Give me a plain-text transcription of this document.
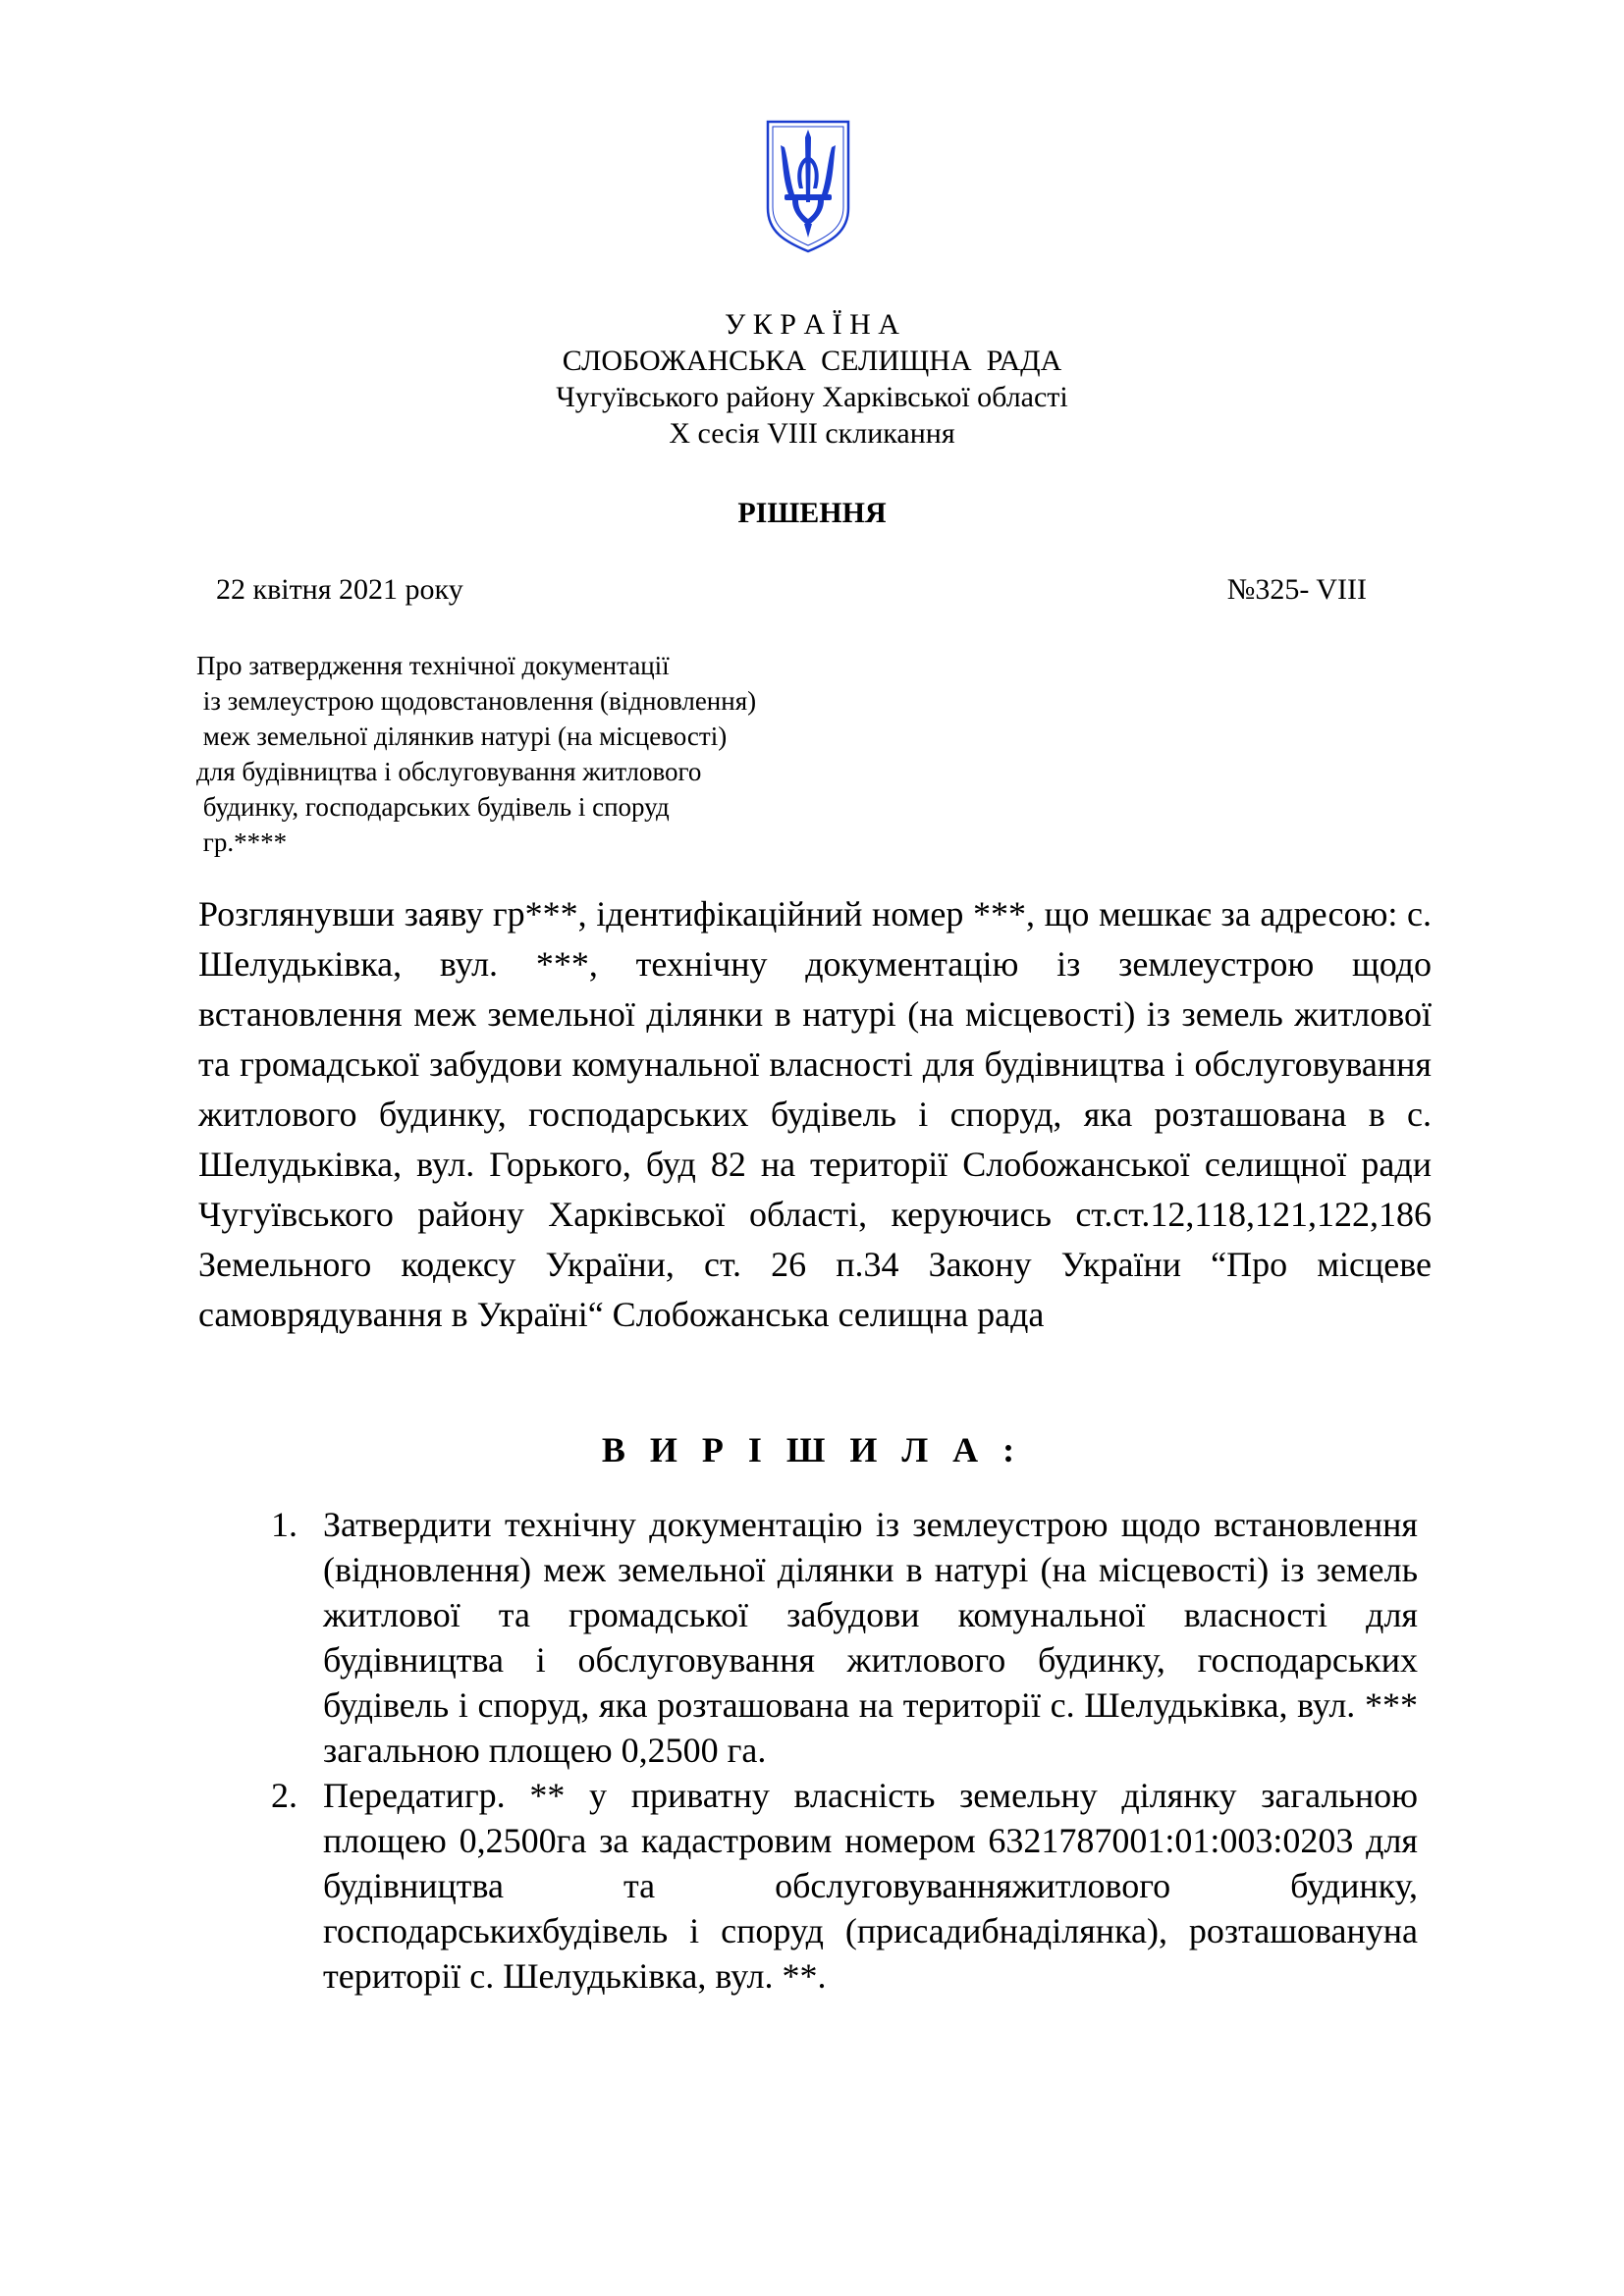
У К Р А Ї Н А
СЛОБОЖАНСЬКА  СЕЛИЩНА  РАДА
Чугуївського району Харківської області
X сесія VIII скликання
РІШЕННЯ
22 квітня 2021 року	№325- VIII
Про затвердження технічної документації
із землеустрою щодовстановлення (відновлення)
меж земельної ділянкив натурі (на місцевості)
для будівництва і обслуговування житлового
будинку, господарських будівель і споруд
гр.****
Розглянувши заяву гр***, ідентифікаційний номер ***, що мешкає за адресою: с. Шелудьківка, вул. ***, технічну документацію із землеустрою щодо встановлення меж земельної ділянки в натурі (на місцевості) із земель житлової та громадської забудови комунальної власності для будівництва і обслуговування житлового будинку, господарських будівель і споруд, яка розташована в с. Шелудьківка, вул. Горького, буд 82 на території Слобожанської селищної ради Чугуївського району Харківської області, керуючись ст.ст.12,118,121,122,186 Земельного кодексу України, ст. 26 п.34 Закону України “Про місцеве самоврядування в Україні“ Слобожанська селищна рада
В И Р І Ш И Л А :
1. Затвердити технічну документацію із землеустрою щодо встановлення (відновлення) меж земельної ділянки в натурі (на місцевості) із земель житлової та громадської забудови комунальної власності для будівництва і обслуговування житлового будинку, господарських будівель і споруд, яка розташована на території с. Шелудьківка, вул. *** загальною площею 0,2500 га.
2. Передатигр. ** у приватну власність земельну ділянку загальною площею 0,2500га за кадастровим номером 6321787001:01:003:0203 для будівництва та обслуговуванняжитлового будинку, господарськихбудівель і споруд (присадибнаділянка), розташовануна території с. Шелудьківка, вул. **.
